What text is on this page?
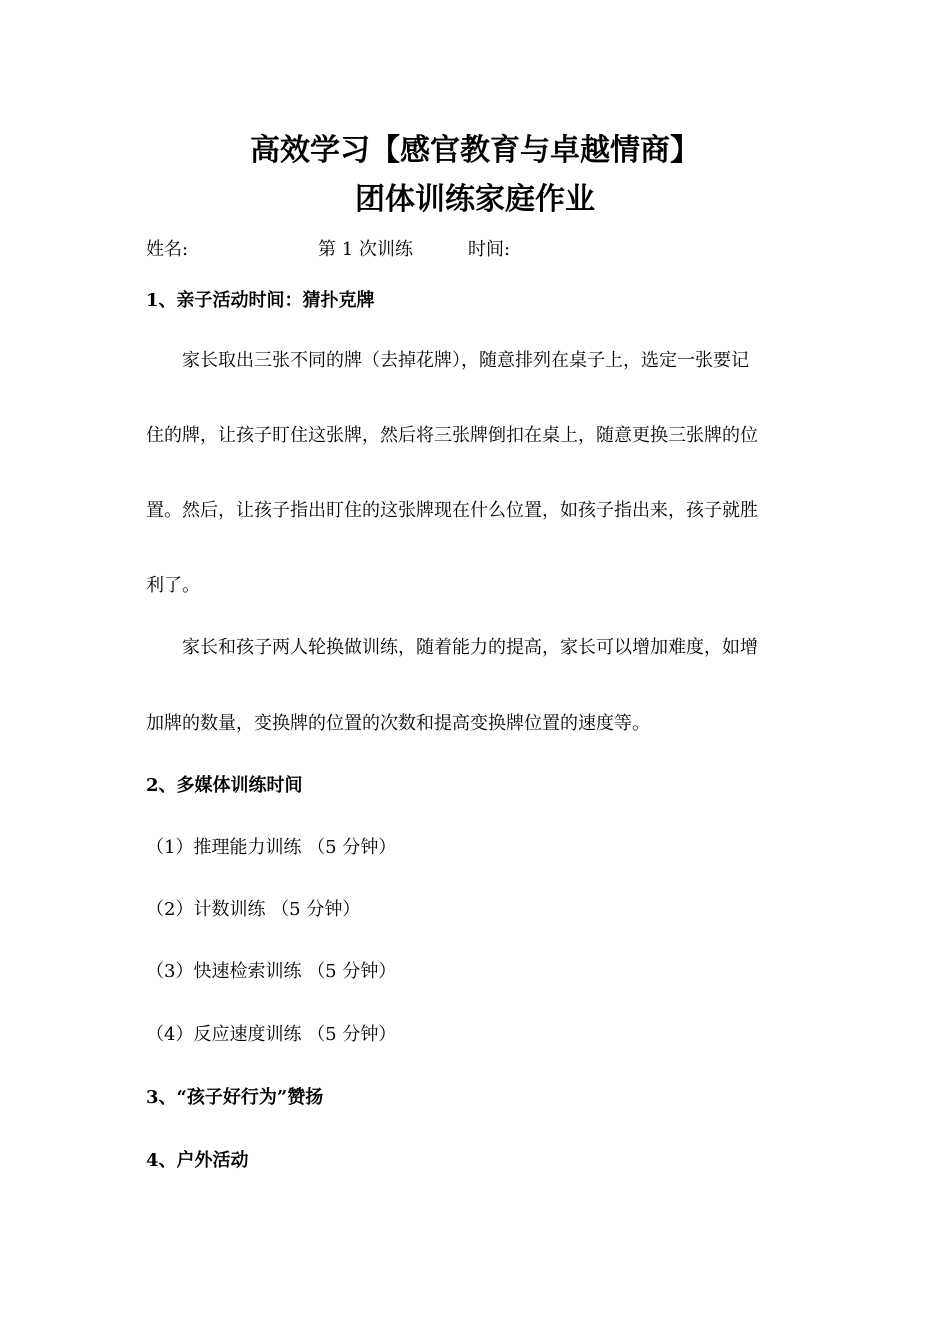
高效学习【感官教育与卓越情商】
团体训练家庭作业
姓名:	第 1 次训练	时间:
1、亲子活动时间：猜扑克牌
家长取出三张不同的牌（去掉花牌），随意排列在桌子上，选定一张要记
住的牌，让孩子盯住这张牌，然后将三张牌倒扣在桌上，随意更换三张牌的位
置。然后，让孩子指出盯住的这张牌现在什么位置，如孩子指出来，孩子就胜
利了。
家长和孩子两人轮换做训练，随着能力的提高，家长可以增加难度，如增
加牌的数量，变换牌的位置的次数和提高变换牌位置的速度等。
2、多媒体训练时间
（1）推理能力训练 （5 分钟）
（2）计数训练 （5 分钟）
（3）快速检索训练 （5 分钟）
（4）反应速度训练 （5 分钟）
3、“孩子好行为”赞扬
4、户外活动
